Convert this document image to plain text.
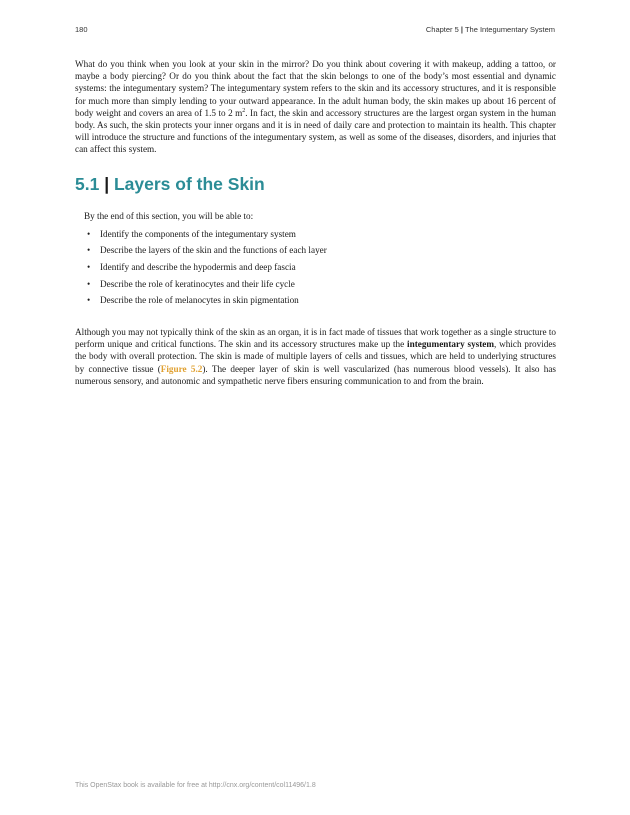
180	Chapter 5 | The Integumentary System

What do you think when you look at your skin in the mirror? Do you think about covering it with makeup, adding a tattoo, or maybe a body piercing? Or do you think about the fact that the skin belongs to one of the body’s most essential and dynamic systems: the integumentary system? The integumentary system refers to the skin and its accessory structures, and it is responsible for much more than simply lending to your outward appearance. In the adult human body, the skin makes up about 16 percent of body weight and covers an area of 1.5 to 2 $m^2$. In fact, the skin and accessory structures are the largest organ system in the human body. As such, the skin protects your inner organs and it is in need of daily care and protection to maintain its health. This chapter will introduce the structure and functions of the integumentary system, as well as some of the diseases, disorders, and injuries that can affect this system.

5.1 | Layers of the Skin

By the end of this section, you will be able to:

• Identify the components of the integumentary system
• Describe the layers of the skin and the functions of each layer
• Identify and describe the hypodermis and deep fascia
• Describe the role of keratinocytes and their life cycle
• Describe the role of melanocytes in skin pigmentation

Although you may not typically think of the skin as an organ, it is in fact made of tissues that work together as a single structure to perform unique and critical functions. The skin and its accessory structures make up the integumentary system, which provides the body with overall protection. The skin is made of multiple layers of cells and tissues, which are held to underlying structures by connective tissue (Figure 5.2). The deeper layer of skin is well vascularized (has numerous blood vessels). It also has numerous sensory, and autonomic and sympathetic nerve fibers ensuring communication to and from the brain.

This OpenStax book is available for free at http://cnx.org/content/col11496/1.8
